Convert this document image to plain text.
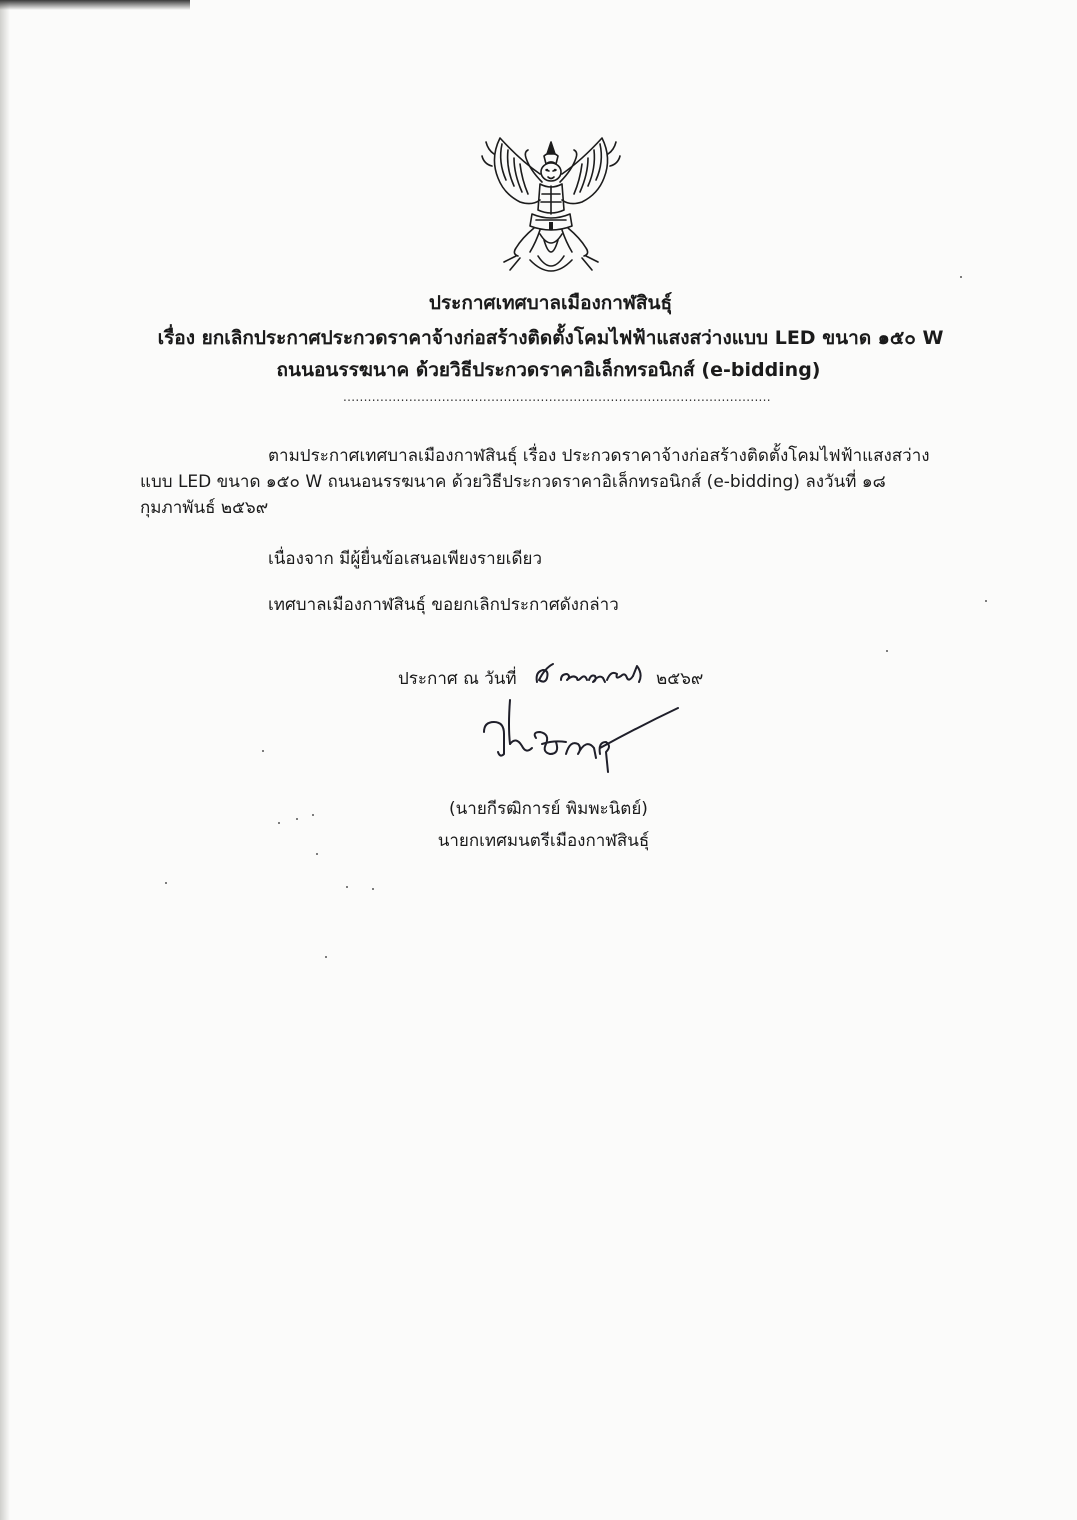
ประกาศเทศบาลเมืองกาฬสินธุ์
เรื่อง ยกเลิกประกาศประกวดราคาจ้างก่อสร้างติดตั้งโคมไฟฟ้าแสงสว่างแบบ LED ขนาด ๑๕๐ W
ถนนอนรรฆนาค ด้วยวิธีประกวดราคาอิเล็กทรอนิกส์ (e-bidding)
........................................................................................................
ตามประกาศเทศบาลเมืองกาฬสินธุ์ เรื่อง ประกวดราคาจ้างก่อสร้างติดตั้งโคมไฟฟ้าแสงสว่าง
แบบ LED ขนาด ๑๕๐ W ถนนอนรรฆนาค ด้วยวิธีประกวดราคาอิเล็กทรอนิกส์ (e-bidding) ลงวันที่ ๑๘
กุมภาพันธ์ ๒๕๖๙
เนื่องจาก มีผู้ยื่นข้อเสนอเพียงรายเดียว
เทศบาลเมืองกาฬสินธุ์ ขอยกเลิกประกาศดังกล่าว
ประกาศ ณ วันที่	๒๕๖๙
(นายกีรฒิการย์ พิมพะนิตย์)
นายกเทศมนตรีเมืองกาฬสินธุ์
